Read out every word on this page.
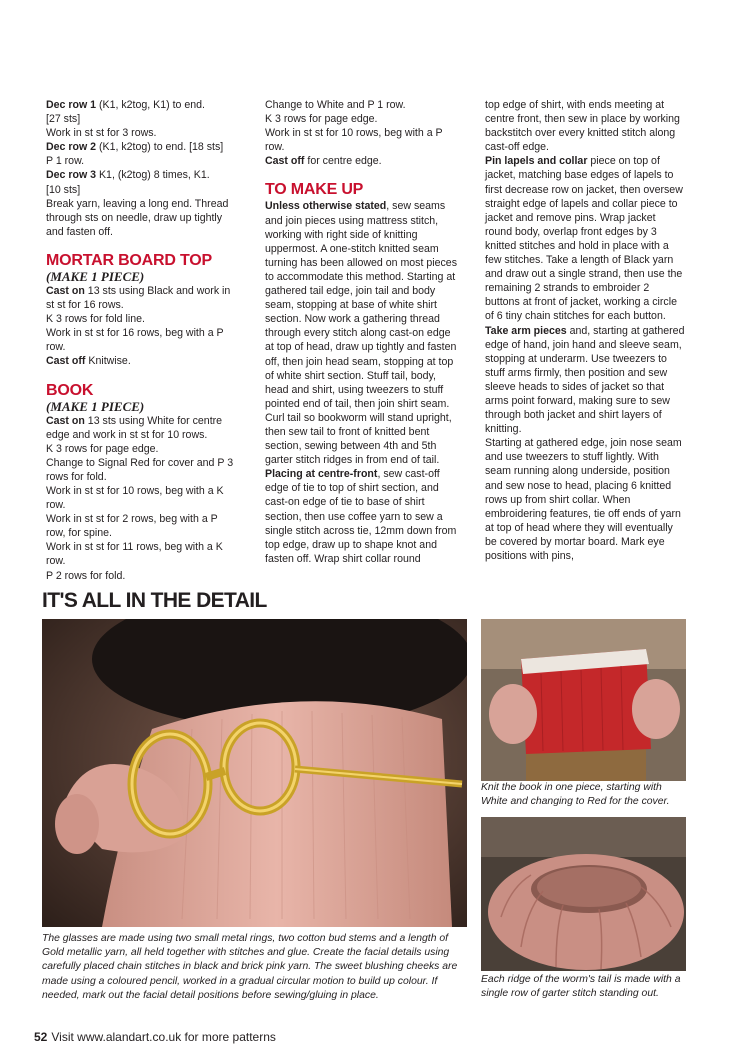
Dec row 1 (K1, k2tog, K1) to end.

[27 sts]

Work in st st for 3 rows.

Dec row 2 (K1, k2tog) to end. [18 sts]

P 1 row.

Dec row 3 K1, (k2tog) 8 times, K1.

[10 sts]

Break yarn, leaving a long end. Thread through sts on needle, draw up tightly and fasten off.

MORTAR BOARD TOP
(MAKE 1 PIECE)

Cast on 13 sts using Black and work in st st for 16 rows.

K 3 rows for fold line.

Work in st st for 16 rows, beg with a P row.

Cast off Knitwise.

BOOK
(MAKE 1 PIECE)

Cast on 13 sts using White for centre edge and work in st st for 10 rows.

K 3 rows for page edge.

Change to Signal Red for cover and P 3 rows for fold.

Work in st st for 10 rows, beg with a K row.

Work in st st for 2 rows, beg with a P row, for spine.

Work in st st for 11 rows, beg with a K row.

P 2 rows for fold.

Change to White and P 1 row.

K 3 rows for page edge.

Work in st st for 10 rows, beg with a P row.

Cast off for centre edge.

TO MAKE UP

Unless otherwise stated, sew seams and join pieces using mattress stitch, working with right side of knitting uppermost. A one-stitch knitted seam turning has been allowed on most pieces to accommodate this method. Starting at gathered tail edge, join tail and body seam, stopping at base of white shirt section. Now work a gathering thread through every stitch along cast-on edge at top of head, draw up tightly and fasten off, then join head seam, stopping at top of white shirt section. Stuff tail, body, head and shirt, using tweezers to stuff pointed end of tail, then join shirt seam. Curl tail so bookworm will stand upright, then sew tail to front of knitted bent section, sewing between 4th and 5th garter stitch ridges in from end of tail.

Placing at centre-front, sew cast-off edge of tie to top of shirt section, and cast-on edge of tie to base of shirt section, then use coffee yarn to sew a single stitch across tie, 12mm down from top edge, draw up to shape knot and fasten off. Wrap shirt collar round

top edge of shirt, with ends meeting at centre front, then sew in place by working backstitch over every knitted stitch along cast-off edge.

Pin lapels and collar piece on top of jacket, matching base edges of lapels to first decrease row on jacket, then oversew straight edge of lapels and collar piece to jacket and remove pins. Wrap jacket round body, overlap front edges by 3 knitted stitches and hold in place with a few stitches. Take a length of Black yarn and draw out a single strand, then use the remaining 2 strands to embroider 2 buttons at front of jacket, working a circle of 6 tiny chain stitches for each button.

Take arm pieces and, starting at gathered edge of hand, join hand and sleeve seam, stopping at underarm. Use tweezers to stuff arms firmly, then position and sew sleeve heads to sides of jacket so that arms point forward, making sure to sew through both jacket and shirt layers of knitting.

Starting at gathered edge, join nose seam and use tweezers to stuff lightly. With seam running along underside, position and sew nose to head, placing 6 knitted rows up from shirt collar. When embroidering features, tie off ends of yarn at top of head where they will eventually be covered by mortar board. Mark eye positions with pins,

IT'S ALL IN THE DETAIL

Knit the book in one piece, starting with White and changing to Red for the cover.

Each ridge of the worm's tail is made with a single row of garter stitch standing out.

The glasses are made using two small metal rings, two cotton bud stems and a length of Gold metallic yarn, all held together with stitches and glue. Create the facial details using carefully placed chain stitches in black and brick pink yarn. The sweet blushing cheeks are made using a coloured pencil, worked in a gradual circular motion to build up colour. If needed, mark out the facial detail positions before sewing/gluing in place.

52 Visit www.alandart.co.uk for more patterns
